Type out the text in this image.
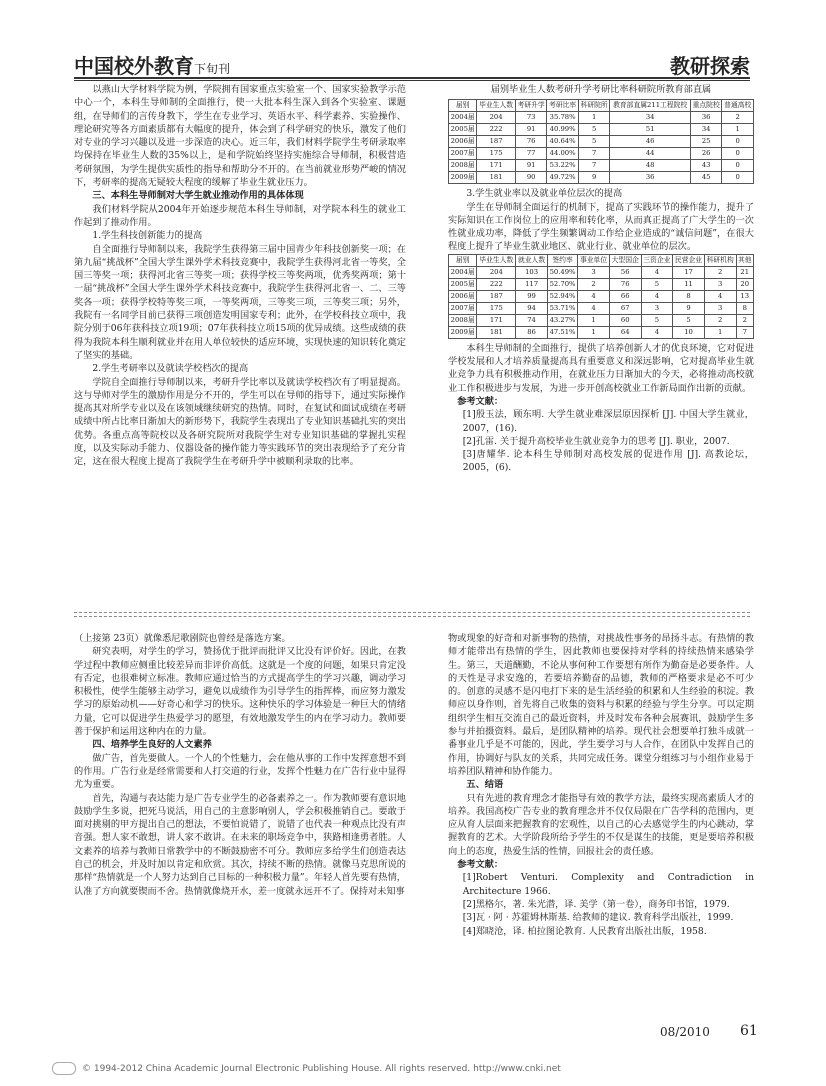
中国校外教育下旬刊	教研探索

以燕山大学材料学院为例，学院拥有国家重点实验室一个、国家实验教学示范中心一个，本科生导师制的全面推行，使一大批本科生深入到各个实验室、课题组，在导师们的言传身教下，学生在专业学习、英语水平、科学素养、实验操作、理论研究等各方面素质都有大幅度的提升，体会到了科学研究的快乐，激发了他们对专业的学习兴趣以及进一步深造的决心。近三年，我们材料学院学生考研录取率均保持在毕业生人数的35%以上，是和学院始终坚持实施综合导师制，积极营造考研氛围，为学生提供实质性的指导和帮助分不开的。在当前就业形势严峻的情况下，考研率的提高无疑较大程度的缓解了毕业生就业压力。

三、本科生导师制对大学生就业推动作用的具体体现

我们材料学院从2004年开始逐步规范本科生导师制，对学院本科生的就业工作起到了推动作用。

1.学生科技创新能力的提高

自全面推行导师制以来，我院学生获得第三届中国青少年科技创新奖一项；在第九届“挑战杯”全国大学生课外学术科技竞赛中，我院学生获得河北省一等奖，全国三等奖一项；获得河北省三等奖一项；获得学校三等奖两项，优秀奖两项；第十一届“挑战杯”全国大学生课外学术科技竞赛中，我院学生获得河北省一、二、三等奖各一项；获得学校特等奖三项，一等奖两项，三等奖三项，三等奖三项；另外，我院有一名同学目前已获得三项创造发明国家专利；此外，在学校科技立项中，我院分别于06年获科技立项19项；07年获科技立项15项的优异成绩。这些成绩的获得为我院本科生顺利就业并在用人单位较快的适应环境，实现快速的知识转化奠定了坚实的基础。

2.学生考研率以及就读学校档次的提高

学院自全面推行导师制以来，考研升学比率以及就读学校档次有了明显提高。这与导师对学生的激励作用是分不开的，学生可以在导师的指导下，通过实际操作提高其对所学专业以及在该领域继续研究的热情。同时，在复试和面试成绩在考研成绩中所占比率日渐加大的新形势下，我院学生表现出了专业知识基础扎实的突出优势。各重点高等院校以及各研究院所对我院学生对专业知识基础的掌握扎实程度，以及实际动手能力、仪器设备的操作能力等实践环节的突出表现给予了充分肯定，这在很大程度上提高了我院学生在考研升学中被顺利录取的比率。

届别毕业生人数考研升学考研比率科研院所教育部直属
届别	毕业生人数	考研升学	考研比率	科研院所	教育部直属211工程院校	重点院校	普通高校
2004届	204	73	35.78%	1	34	36	2
2005届	222	91	40.99%	5	51	34	1
2006届	187	76	40.64%	5	46	25	0
2007届	175	77	44.00%	7	44	26	0
2008届	171	91	53.22%	7	48	43	0
2009届	181	90	49.72%	9	36	45	0

3.学生就业率以及就业单位层次的提高

学生在导师制全面运行的机制下，提高了实践环节的操作能力，提升了实际知识在工作岗位上的应用率和转化率，从而真正提高了广大学生的一次性就业成功率，降低了学生频繁调动工作给企业造成的“诚信问题”，在很大程度上提升了毕业生就业地区、就业行业、就业单位的层次。

届别	毕业生人数	就业人数	签约率	事业单位	大型国企	三资企业	民营企业	科研机构	其他
2004届	204	103	50.49%	3	56	4	17	2	21
2005届	222	117	52.70%	2	76	5	11	3	20
2006届	187	99	52.94%	4	66	4	8	4	13
2007届	175	94	53.71%	4	67	3	9	3	8
2008届	171	74	43.27%	1	60	5	5	2	2
2009届	181	86	47.51%	1	64	4	10	1	7

本科生导师制的全面推行，提供了培养创新人才的优良环境，它对促进学校发展和人才培养质量提高具有重要意义和深远影响，它对提高毕业生就业竞争力具有积极推动作用，在就业压力日渐加大的今天，必将推动高校就业工作积极进步与发展，为进一步开创高校就业工作新局面作出新的贡献。

参考文献：

[1]殷玉法，顾东明. 大学生就业难深层原因探析 [J]. 中国大学生就业，2007，(16).

[2]孔雷. 关于提升高校毕业生就业竞争力的思考 [J]. 职业，2007.

[3]唐耀华. 论本科生导师制对高校发展的促进作用 [J]. 高教论坛，2005，(6).

（上接第 23页）就像悉尼歌剧院也曾经是落选方案。

研究表明，对学生的学习，赞扬优于批评而批评又比没有评价好。因此，在教学过程中教师应侧重比较差异而非评价高低。这就是一个度的问题，如果只肯定没有否定，也很难树立标准。教师应通过恰当的方式提高学生的学习兴趣，调动学习积极性，使学生能够主动学习，避免以成绩作为引导学生的指挥棒，而应努力激发学习的原始动机——好奇心和学习的快乐。这种快乐的学习体验是一种巨大的情绪力量，它可以促进学生热爱学习的愿望，有效地激发学生的内在学习动力。教师要善于保护和运用这种内在的力量。

四、培养学生良好的人文素养

做广告，首先要做人。一个人的个性魅力，会在他从事的工作中发挥意想不到的作用。广告行业是经常需要和人打交道的行业，发挥个性魅力在广告行业中显得尤为重要。

首先，沟通与表达能力是广告专业学生的必备素养之一。作为教师要有意识地鼓励学生多说，把死马说活，用自己的主意影响别人，学会积极推销自己。要敢于面对挑剔的甲方提出自己的想法，不要怕说错了，说错了也代表一种观点比没有声音强。想人家不敢想，讲人家不敢讲。在未来的职场竞争中，狭路相逢勇者胜。人文素养的培养与教师日常教学中的不断鼓励密不可分。教师应多给学生们创造表达自己的机会，并及时加以肯定和欣赏。其次，持续不断的热情。就像马克思所说的那样“热情就是一个人努力达到自己目标的一种积极力量”。年轻人首先要有热情，认准了方向就要锲而不舍。热情就像烧开水，差一度就永远开不了。保持对未知事

物或现象的好奇和对新事物的热情，对挑战性事务的昂扬斗志。有热情的教师才能带出有热情的学生，因此教师也要保持对学科的持续热情来感染学生。第三，天道酬勤，不论从事何种工作要想有所作为勤奋是必要条件。人的天性是寻求安逸的，若要培养勤奋的品德，教师的严格要求是必不可少的。创意的灵感不是闪电打下来的是生活经验的积累和人生经验的积淀。教师应以身作则，首先将自己收集的资料与积累的经验与学生分享。可以定期组织学生相互交流自己的最近资料，并及时发布各种会展赛讯，鼓励学生多参与并拍摄资料。最后，是团队精神的培养。现代社会想要单打独斗成就一番事业几乎是不可能的，因此，学生要学习与人合作，在团队中发挥自己的作用，协调好与队友的关系，共同完成任务。课堂分组练习与小组作业易于培养团队精神和协作能力。

五、结语

只有先进的教育理念才能指导有效的教学方法，最终实现高素质人才的培养。我国高校广告专业的教育理念并不仅仅局限在广告学科的范围内，更应从育人层面来把握教育的宏观性，以自己的心去感觉学生的内心跳动，掌握教育的艺术。大学阶段所给予学生的不仅是谋生的技能，更是要培养积极向上的态度，热爱生活的性情，回报社会的责任感。

参考文献：

[1]Robert Venturi. Complexity and Contradiction in Architecture 1966.

[2]黑格尔，著. 朱光潜，译. 美学（第一卷），商务印书馆，1979.

[3]瓦 · 阿 · 苏霍姆林斯基. 给教师的建议. 教育科学出版社，1999.

[4]郑晓沧，译. 柏拉图论教育. 人民教育出版社出版，1958.

08/2010 61
© 1994-2012 China Academic Journal Electronic Publishing House. All rights reserved. http://www.cnki.net
